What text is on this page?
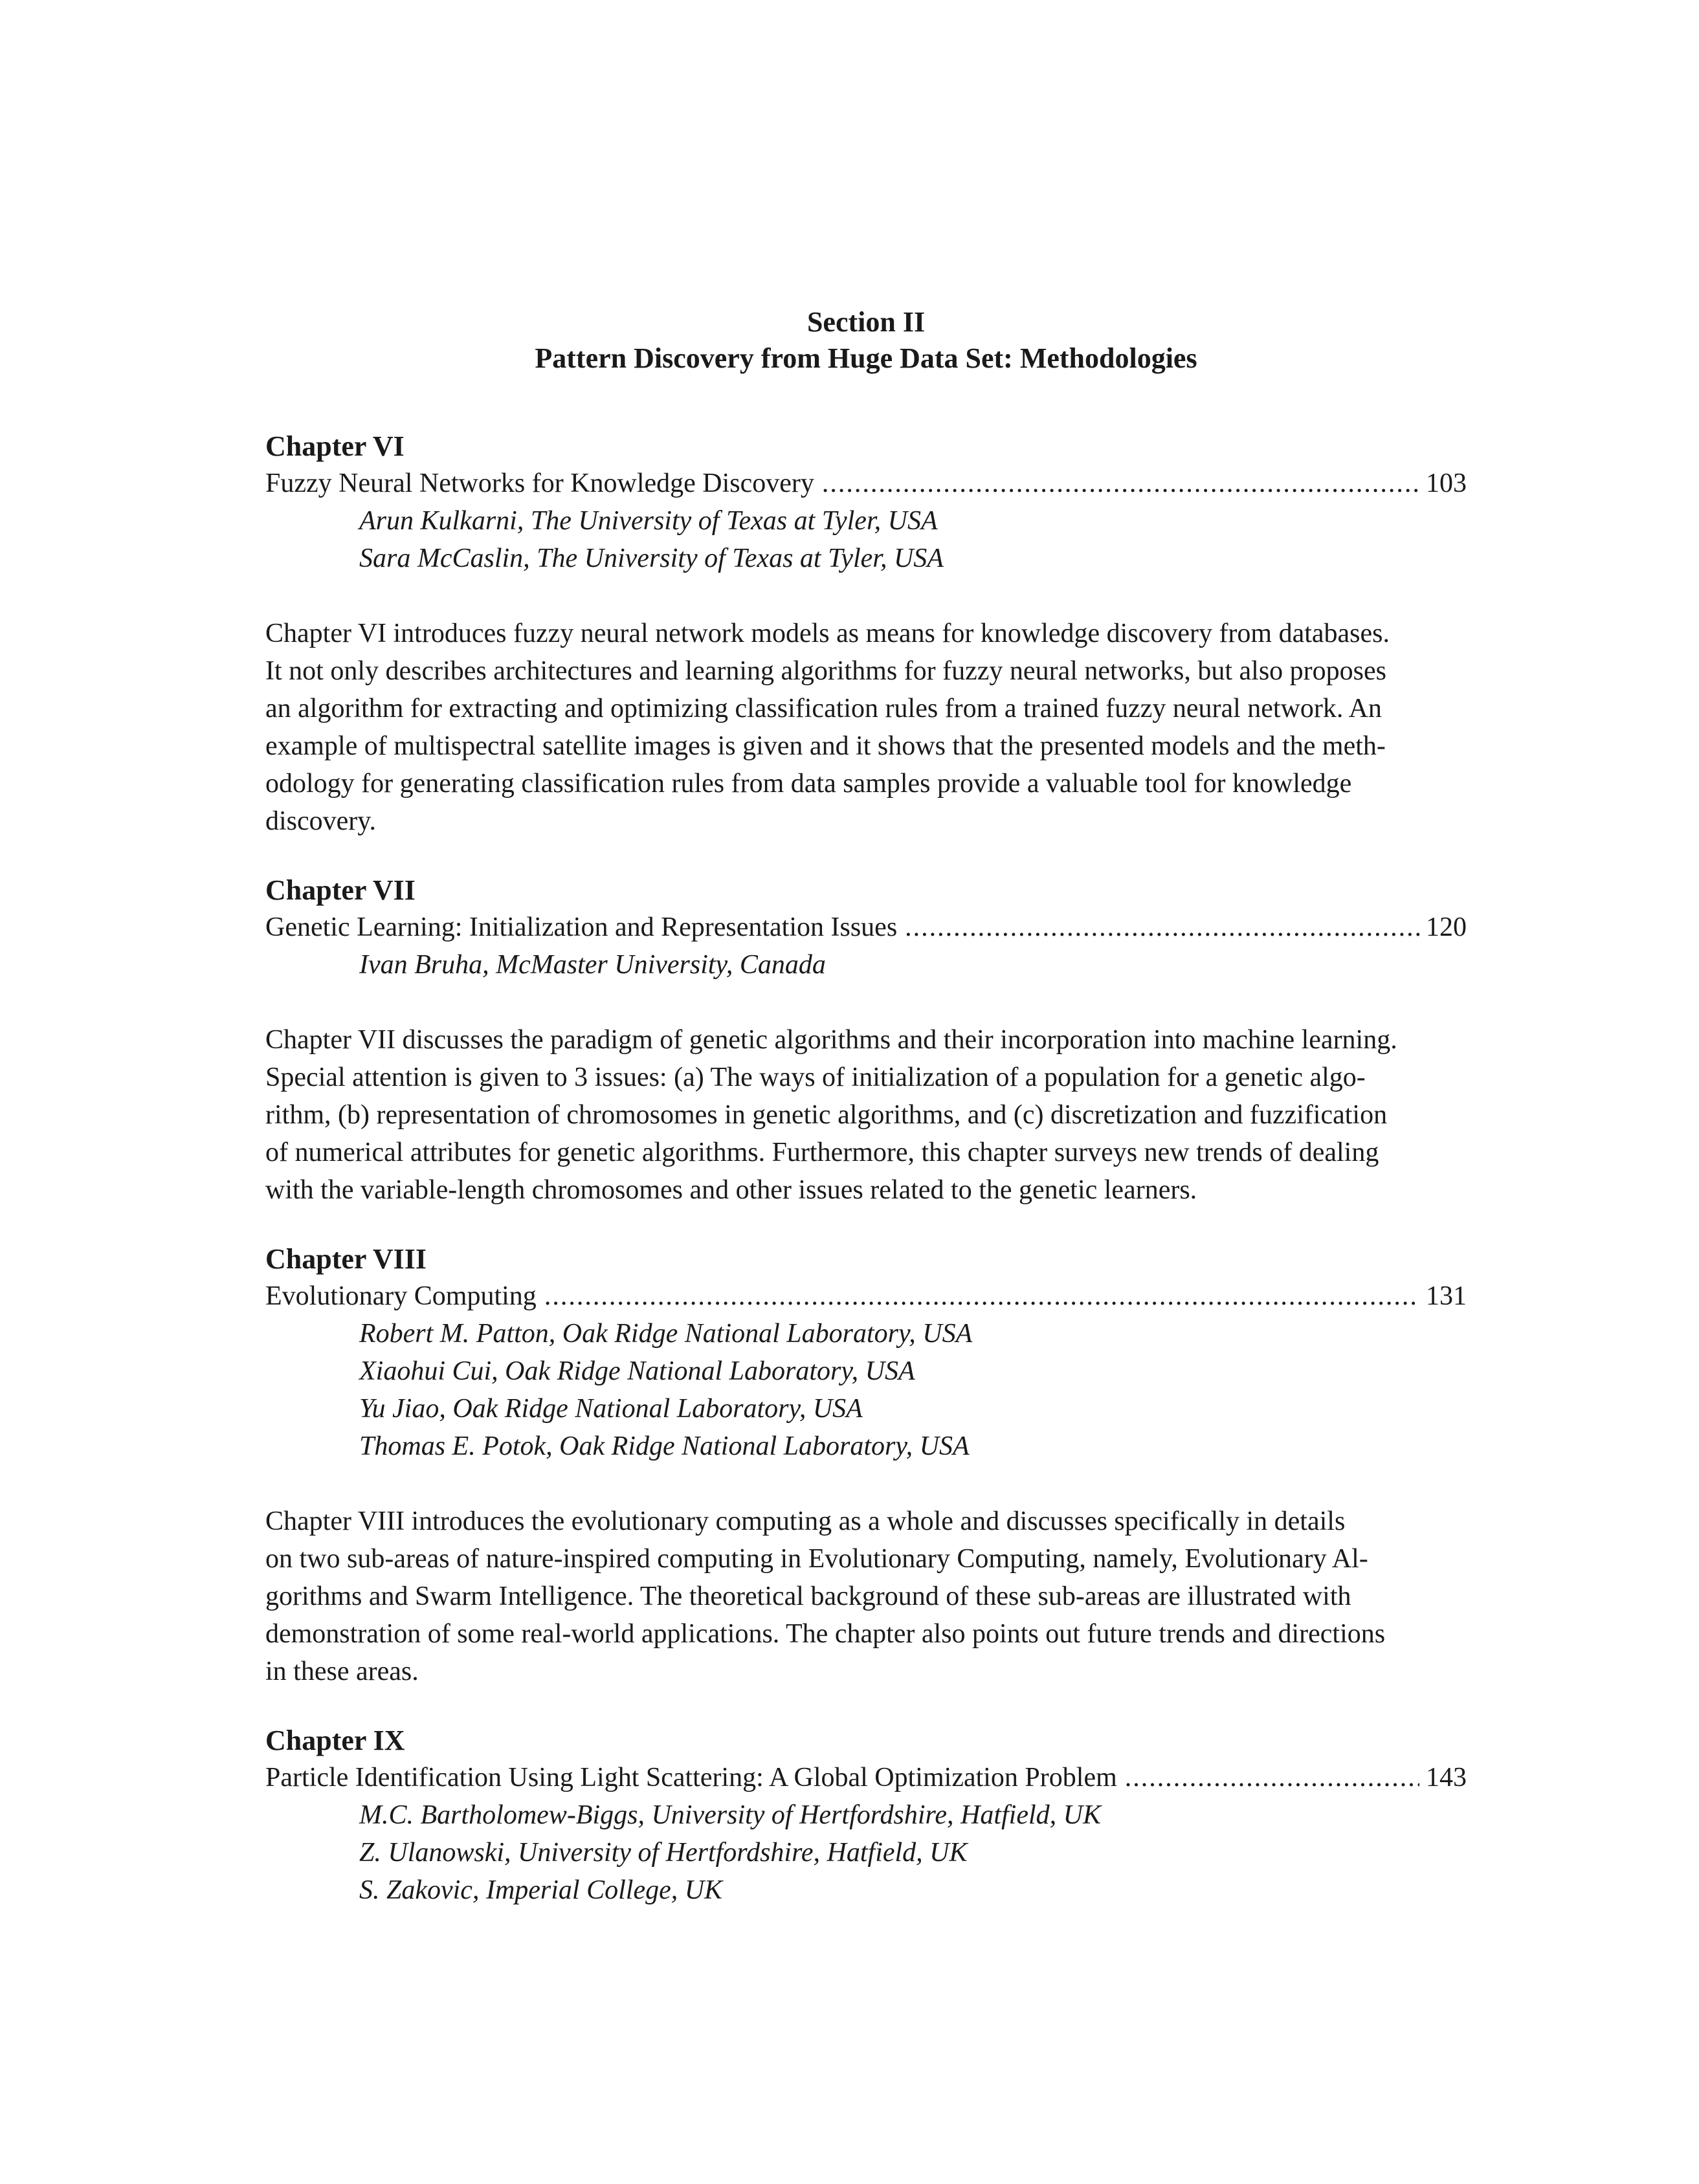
Section II
Pattern Discovery from Huge Data Set: Methodologies
Chapter VI
Fuzzy Neural Networks for Knowledge Discovery .....	103
Arun Kulkarni, The University of Texas at Tyler, USA
Sara McCaslin, The University of Texas at Tyler, USA
Chapter VI introduces fuzzy neural network models as means for knowledge discovery from databases.
It not only describes architectures and learning algorithms for fuzzy neural networks, but also proposes
an algorithm for extracting and optimizing classification rules from a trained fuzzy neural network. An
example of multispectral satellite images is given and it shows that the presented models and the meth-
odology for generating classification rules from data samples provide a valuable tool for knowledge
discovery.
Chapter VII
Genetic Learning: Initialization and Representation Issues .....	120
Ivan Bruha, McMaster University, Canada
Chapter VII discusses the paradigm of genetic algorithms and their incorporation into machine learning.
Special attention is given to 3 issues: (a) The ways of initialization of a population for a genetic algo-
rithm, (b) representation of chromosomes in genetic algorithms, and (c) discretization and fuzzification
of numerical attributes for genetic algorithms. Furthermore, this chapter surveys new trends of dealing
with the variable-length chromosomes and other issues related to the genetic learners.
Chapter VIII
Evolutionary Computing .....	131
Robert M. Patton, Oak Ridge National Laboratory, USA
Xiaohui Cui, Oak Ridge National Laboratory, USA
Yu Jiao, Oak Ridge National Laboratory, USA
Thomas E. Potok, Oak Ridge National Laboratory, USA
Chapter VIII introduces the evolutionary computing as a whole and discusses specifically in details
on two sub-areas of nature-inspired computing in Evolutionary Computing, namely, Evolutionary Al-
gorithms and Swarm Intelligence. The theoretical background of these sub-areas are illustrated with
demonstration of some real-world applications. The chapter also points out future trends and directions
in these areas.
Chapter IX
Particle Identification Using Light Scattering: A Global Optimization Problem .....	143
M.C. Bartholomew-Biggs, University of Hertfordshire, Hatfield, UK
Z. Ulanowski, University of Hertfordshire, Hatfield, UK
S. Zakovic, Imperial College, UK
